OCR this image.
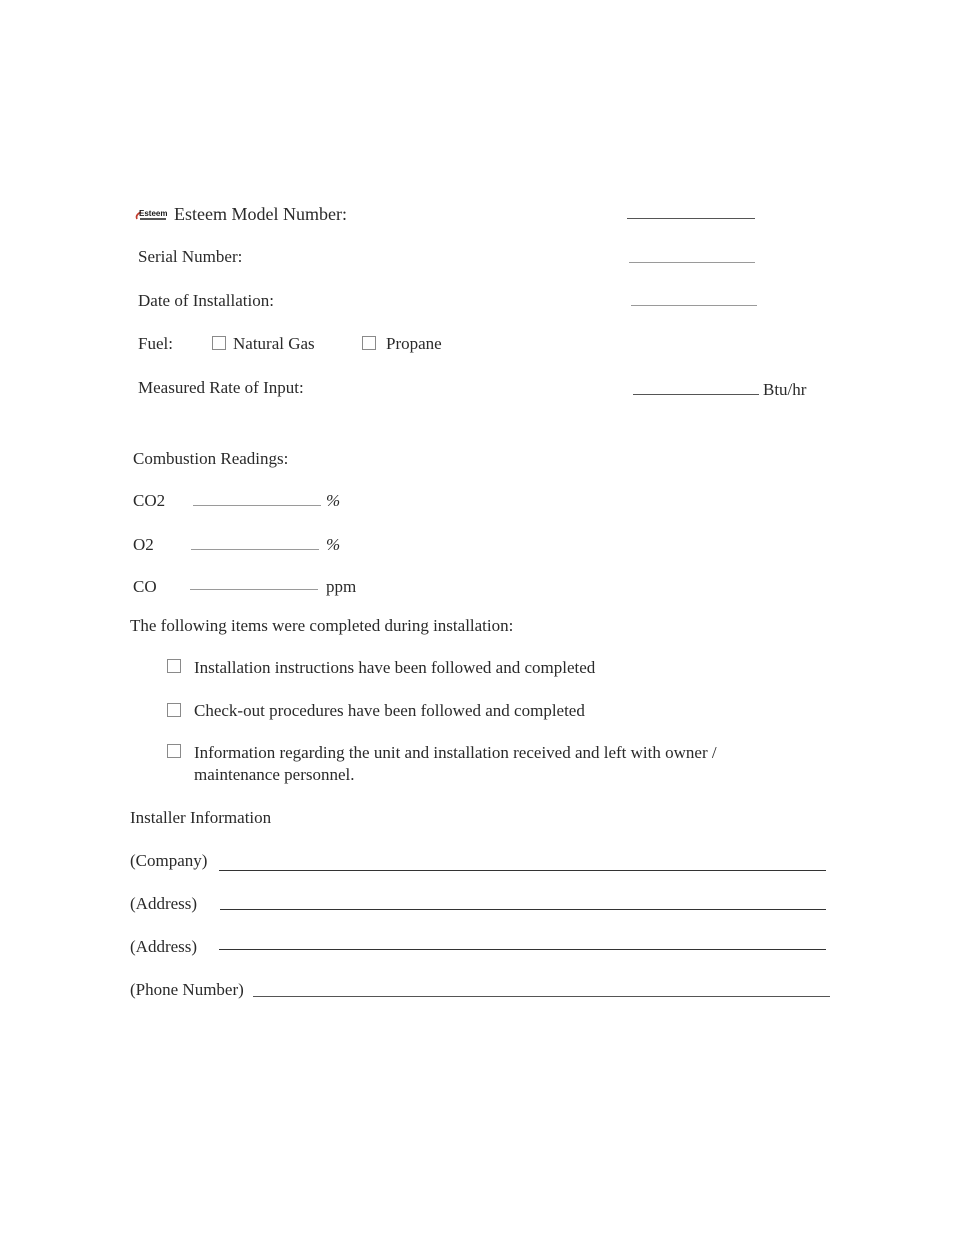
Esteem Esteem Model Number:
Serial Number:
Date of Installation:
Fuel:	Natural Gas	Propane
Measured Rate of Input:	Btu/hr
Combustion Readings:
CO2	%
O2	%
CO	ppm
The following items were completed during installation:
Installation instructions have been followed and completed
Check-out procedures have been followed and completed
Information regarding the unit and installation received and left with owner /
maintenance personnel.
Installer Information
(Company)
(Address)
(Address)
(Phone Number)
